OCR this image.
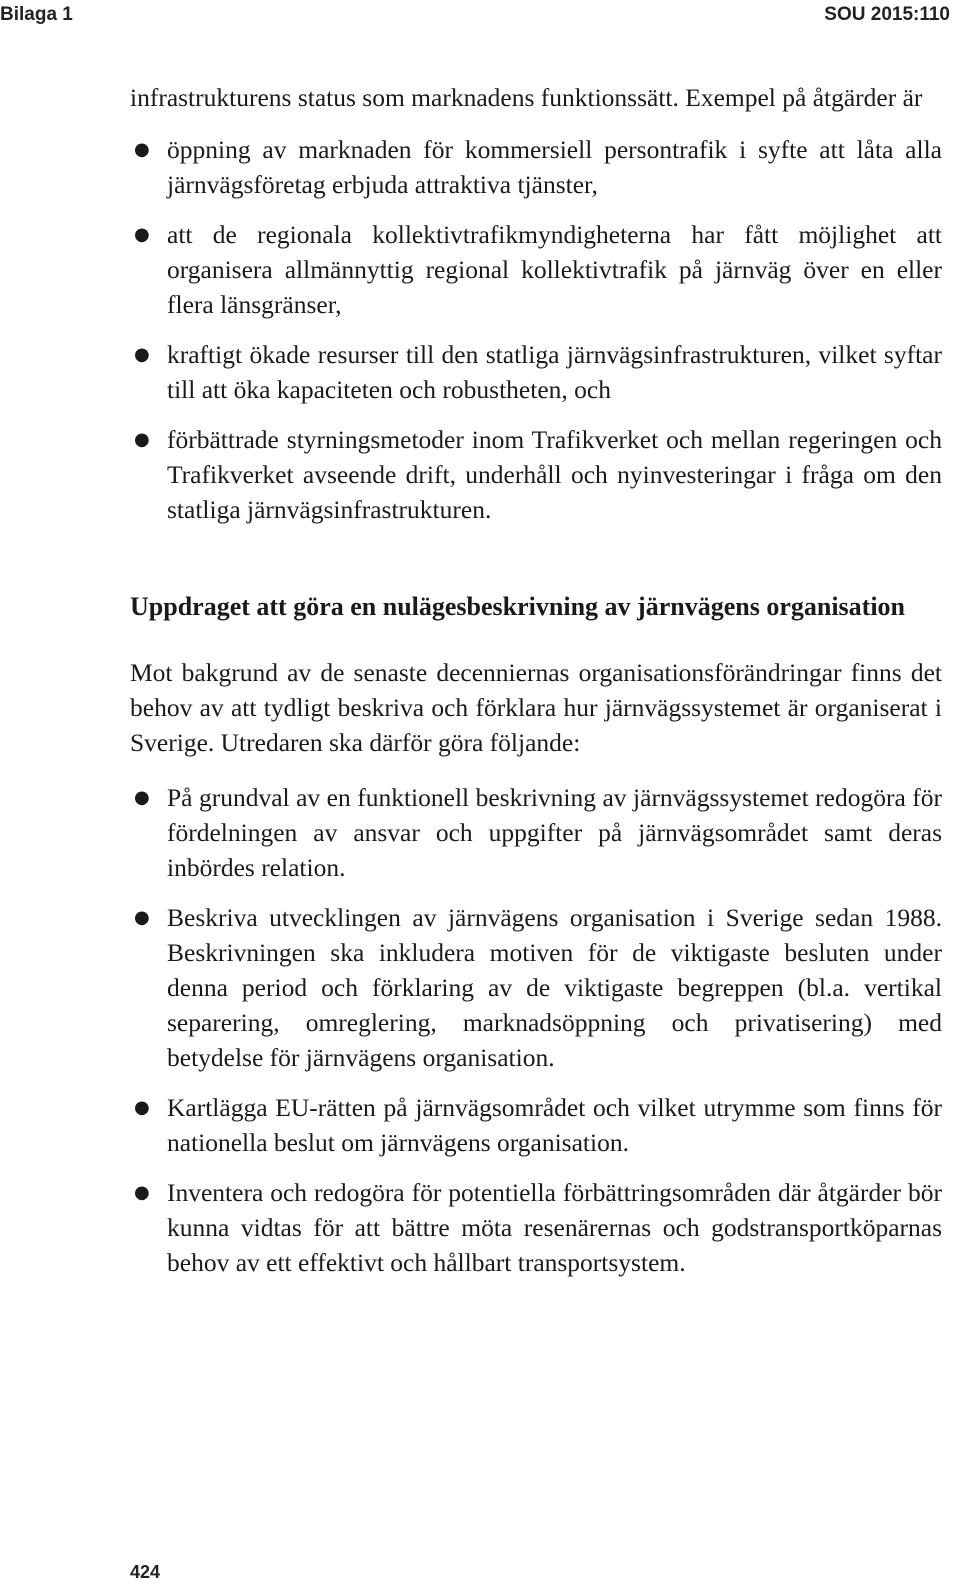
Bilaga 1	SOU 2015:110

infrastrukturens status som marknadens funktionssätt. Exempel på åtgärder är

● öppning av marknaden för kommersiell persontrafik i syfte att låta alla järnvägsföretag erbjuda attraktiva tjänster,
● att de regionala kollektivtrafikmyndigheterna har fått möjlighet att organisera allmännyttig regional kollektivtrafik på järnväg över en eller flera länsgränser,
● kraftigt ökade resurser till den statliga järnvägsinfrastrukturen, vilket syftar till att öka kapaciteten och robustheten, och
● förbättrade styrningsmetoder inom Trafikverket och mellan regeringen och Trafikverket avseende drift, underhåll och nyinvesteringar i fråga om den statliga järnvägsinfrastrukturen.
Uppdraget att göra en nulägesbeskrivning av järnvägens organisation

Mot bakgrund av de senaste decenniernas organisationsförändringar finns det behov av att tydligt beskriva och förklara hur järnvägssystemet är organiserat i Sverige. Utredaren ska därför göra följande:

● På grundval av en funktionell beskrivning av järnvägssystemet redogöra för fördelningen av ansvar och uppgifter på järnvägsområdet samt deras inbördes relation.
● Beskriva utvecklingen av järnvägens organisation i Sverige sedan 1988. Beskrivningen ska inkludera motiven för de viktigaste besluten under denna period och förklaring av de viktigaste begreppen (bl.a. vertikal separering, omreglering, marknadsöppning och privatisering) med betydelse för järnvägens organisation.
● Kartlägga EU-rätten på järnvägsområdet och vilket utrymme som finns för nationella beslut om järnvägens organisation.
● Inventera och redogöra för potentiella förbättringsområden där åtgärder bör kunna vidtas för att bättre möta resenärernas och godstransportköparnas behov av ett effektivt och hållbart transportsystem.
424
